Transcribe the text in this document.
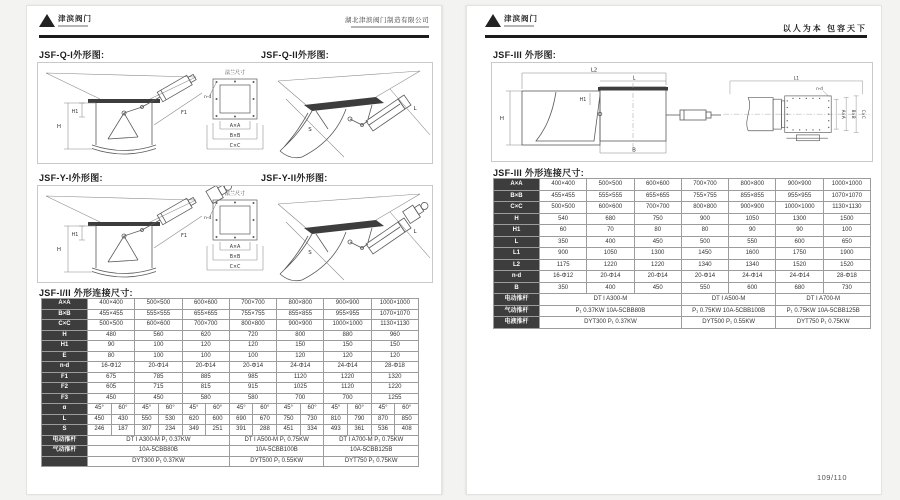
津滨阀门	湖北津滨阀门制造有限公司
JSF-Q-I外形图:	JSF-Q-II外形图:
JSF-Y-I外形图:	JSF-Y-II外形图:
JSF-I/II 外形连接尺寸:
A×A	400×400		500×500		600×600		700×700		800×800		900×900		1000×1000	
B×B	455×455		555×555		655×655		755×755		855×855		955×955		1070×1070	
C×C	500×500		600×600		700×700		800×800		900×900		1000×1000		1130×1130	
H	480		560		620		720		800		880		960	
H1	90		100		120		120		150		150		150	
E	80		100		100		100		120		120		120	
n-d	16-Φ12		20-Φ14		20-Φ14		20-Φ14		24-Φ14		24-Φ14		28-Φ18	
F1	675		785		885		985		1120		1220		1320	
F2	605		715		815		915		1025		1120		1220	
F3	450		450		580		580		700		700		1255	
α	45°	60°	45°	60°	45°	60°	45°	60°	45°	60°	45°	60°	45°	60°
L	450	430	550	530	620	600	690	670	750	730	810	790	870	850
S	246	187	307	234	349	251	391	288	451	334	493	361	536	408
电动推杆	DT I A300-M P₁ 0.37KW						DT I A500-M P₁ 0.75KW				DT I A700-M P₁ 0.75KW			
气动推杆	10A-5CBB80B						10A-5CBB100B				10A-5CBB125B			
	DYT300 P₁ 0.37KW						DYT500 P₁ 0.55KW				DYT750 P₁ 0.75KW			
津滨阀门
以人为本 包容天下
JSF-III 外形图:
JSF-III 外形连接尺寸:
A×A	400×400	500×500	600×600	700×700	800×800	900×900	1000×1000
B×B	455×455	555×555	655×655	755×755	855×855	955×955	1070×1070
C×C	500×500	600×600	700×700	800×800	900×900	1000×1000	1130×1130
H	540	680	750	900	1050	1300	1500
H1	60	70	80	80	90	90	100
L	350	400	450	500	550	600	650
L1	900	1050	1300	1450	1600	1750	1900
L2	1175	1220	1220	1340	1340	1520	1520
n-d	16-Φ12	20-Φ14	20-Φ14	20-Φ14	24-Φ14	24-Φ14	28-Φ18
B	350	400	450	550	600	680	730
电动推杆	DT I A300-M			DT I A500-M		DT I A700-M	
气动推杆	P₁ 0.37KW 10A-5CBB80B			P₁ 0.75KW 10A-5CBB100B		P₁ 0.75KW 10A-5CBB125B	
电液推杆	DYT300 P₁ 0.37KW			DYT500 P₁ 0.55KW		DYT750 P₁ 0.75KW	
109/110
